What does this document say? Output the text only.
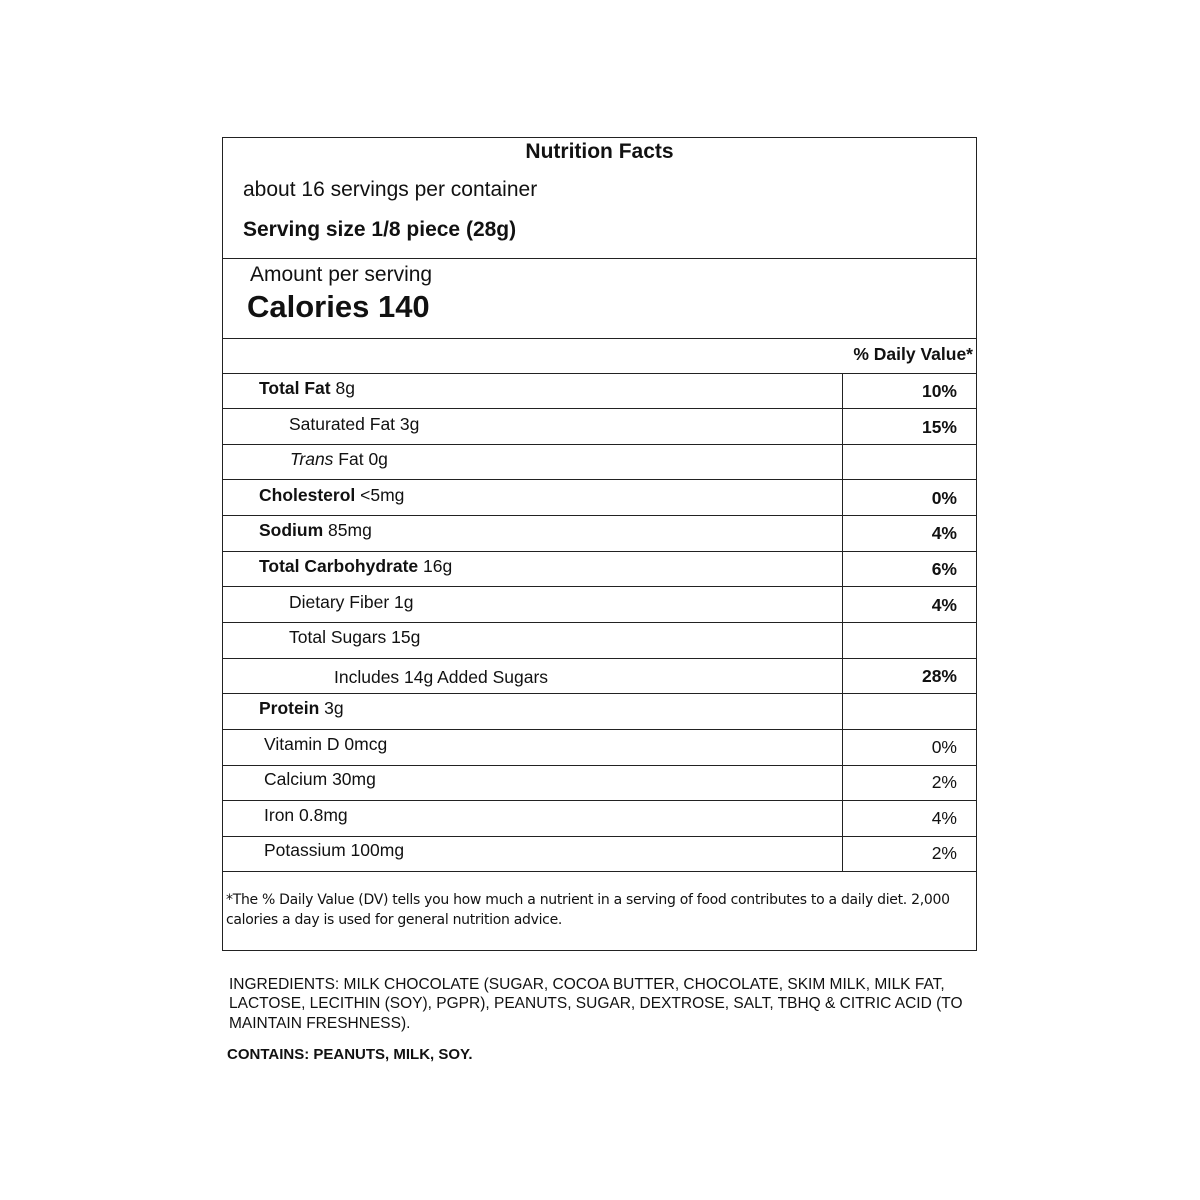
Nutrition Facts
about 16 servings per container
Serving size 1/8 piece (28g)
Amount per serving
Calories 140
% Daily Value*
Total Fat 8g	10%
Saturated Fat 3g	15%
Trans Fat 0g
Cholesterol <5mg	0%
Sodium 85mg	4%
Total Carbohydrate 16g	6%
Dietary Fiber 1g	4%
Total Sugars 15g
Includes 14g Added Sugars	28%
Protein 3g
Vitamin D 0mcg	0%
Calcium 30mg	2%
Iron 0.8mg	4%
Potassium 100mg	2%
*The % Daily Value (DV) tells you how much a nutrient in a serving of food contributes to a daily diet. 2,000 calories a day is used for general nutrition advice.
INGREDIENTS: MILK CHOCOLATE (SUGAR, COCOA BUTTER, CHOCOLATE, SKIM MILK, MILK FAT, LACTOSE, LECITHIN (SOY), PGPR), PEANUTS, SUGAR, DEXTROSE, SALT, TBHQ & CITRIC ACID (TO MAINTAIN FRESHNESS).
CONTAINS: PEANUTS, MILK, SOY.
